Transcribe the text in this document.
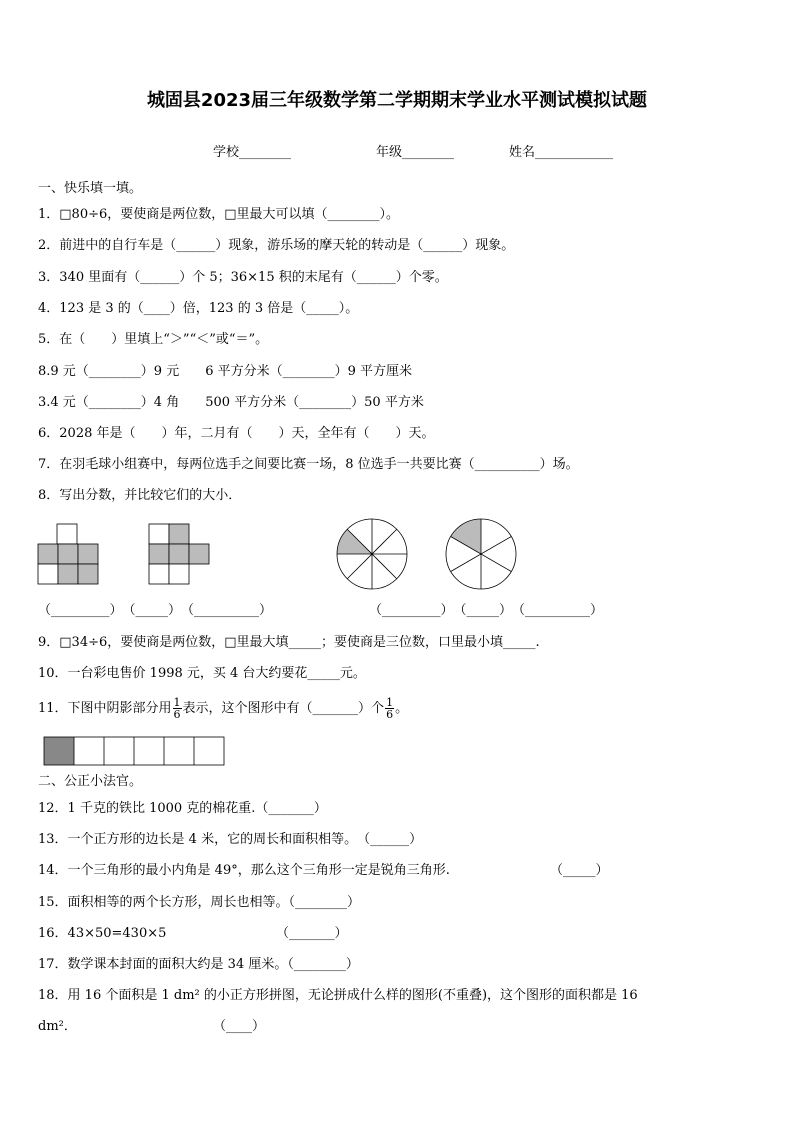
城固县2023届三年级数学第二学期期末学业水平测试模拟试题
学校________	年级________	姓名____________
一、快乐填一填。
1．□80÷6，要使商是两位数，□里最大可以填（________）。
2．前进中的自行车是（______）现象，游乐场的摩天轮的转动是（______）现象。
3．340 里面有（______）个 5；36×15 积的末尾有（______）个零。
4．123 是 3 的（____）倍，123 的 3 倍是（_____）。
5．在（　　）里填上“＞”“＜”或“＝”。
8.9 元（________）9 元　　6 平方分米（________）9 平方厘米
3.4 元（________）4 角　　500 平方分米（________）50 平方米
6．2028 年是（　　）年，二月有（　　）天，全年有（　　）天。
7．在羽毛球小组赛中，每两位选手之间要比赛一场，8 位选手一共要比赛（__________）场。
8．写出分数，并比较它们的大小．
（_________）　（_____）　（__________）	（_________）　（_____）　（__________）
9．□34÷6，要使商是两位数，□里最大填_____；要使商是三位数，口里最小填_____.
10．一台彩电售价 1998 元，买 4 台大约要花_____元。
11．下图中阴影部分用 $\frac{1}{6}$ 表示，这个图形中有（_______）个 $\frac{1}{6}$ 。
二、公正小法官。
12．1 千克的铁比 1000 克的棉花重.（_______）
13．一个正方形的边长是 4 米，它的周长和面积相等。　（______）
14．一个三角形的最小内角是 49°，那么这个三角形一定是锐角三角形.	（_____）
15．面积相等的两个长方形，周长也相等。（________）
16．43×50=430×5	（_______）
17．数学课本封面的面积大约是 34 厘米。（________）
18．用 16 个面积是 1 dm² 的小正方形拼图，无论拼成什么样的图形(不重叠)，这个图形的面积都是 16
dm²．	（____）
